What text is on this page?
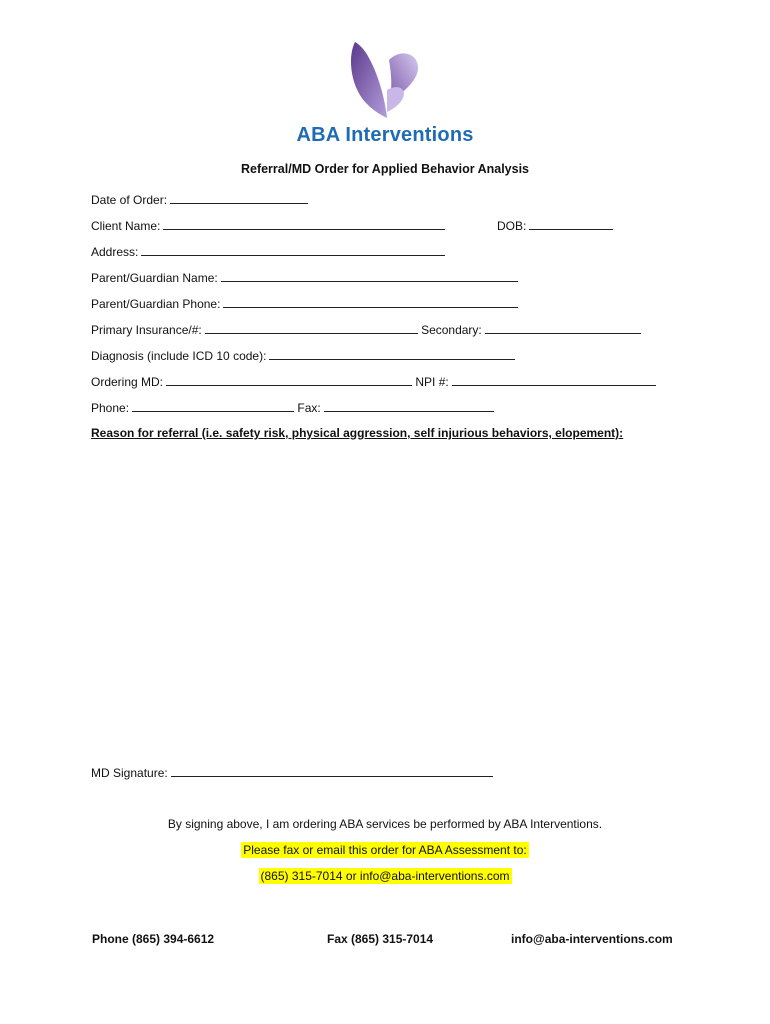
ABA Interventions
Referral/MD Order for Applied Behavior Analysis
Date of Order:
Client Name:	DOB:
Address:
Parent/Guardian Name:
Parent/Guardian Phone:
Primary Insurance/#:	Secondary:
Diagnosis (include ICD 10 code):
Ordering MD:	NPI #:
Phone:	Fax:
Reason for referral (i.e. safety risk, physical aggression, self injurious behaviors, elopement):
MD Signature:
By signing above, I am ordering ABA services be performed by ABA Interventions.
Please fax or email this order for ABA Assessment to:
(865) 315-7014 or info@aba-interventions.com
Phone (865) 394-6612	Fax (865) 315-7014	info@aba-interventions.com
